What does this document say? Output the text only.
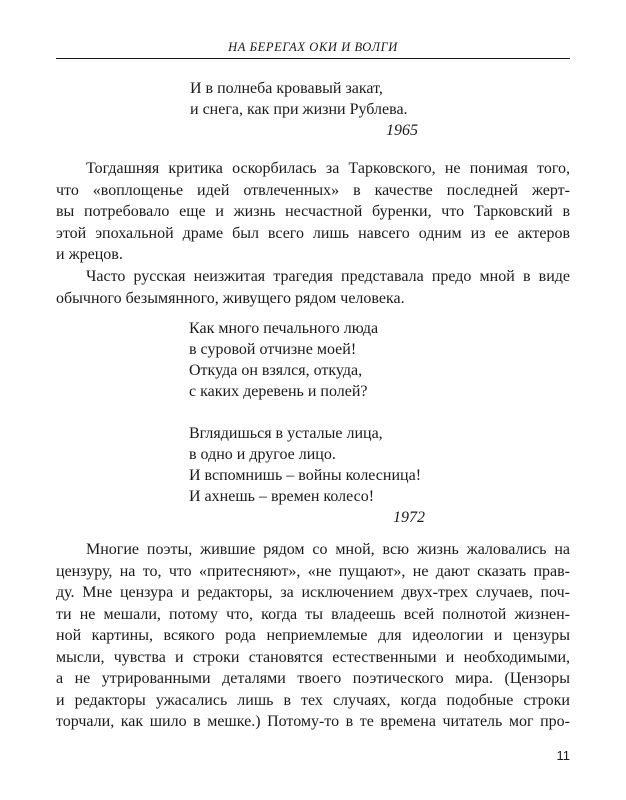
НА БЕРЕГАХ ОКИ И ВОЛГИ
И в полнеба кровавый закат,
и снега, как при жизни Рублева.
1965
Тогдашняя критика оскорбилась за Тарковского, не понимая того,
что «воплощенье идей отвлеченных» в качестве последней жерт-
вы потребовало еще и жизнь несчастной буренки, что Тарковский в
этой эпохальной драме был всего лишь навсего одним из ее актеров
и жрецов.
Часто русская неизжитая трагедия представала предо мной в виде
обычного безымянного, живущего рядом человека.
Как много печального люда
в суровой отчизне моей!
Откуда он взялся, откуда,
с каких деревень и полей?
Вглядишься в усталые лица,
в одно и другое лицо.
И вспомнишь – войны колесница!
И ахнешь – времен колесо!
1972
Многие поэты, жившие рядом со мной, всю жизнь жаловались на
цензуру, на то, что «притесняют», «не пущают», не дают сказать прав-
ду. Мне цензура и редакторы, за исключением двух-трех случаев, поч-
ти не мешали, потому что, когда ты владеешь всей полнотой жизнен-
ной картины, всякого рода неприемлемые для идеологии и цензуры
мысли, чувства и строки становятся естественными и необходимыми,
а не утрированными деталями твоего поэтического мира. (Цензоры
и редакторы ужасались лишь в тех случаях, когда подобные строки
торчали, как шило в мешке.) Потому-то в те времена читатель мог про-
11
